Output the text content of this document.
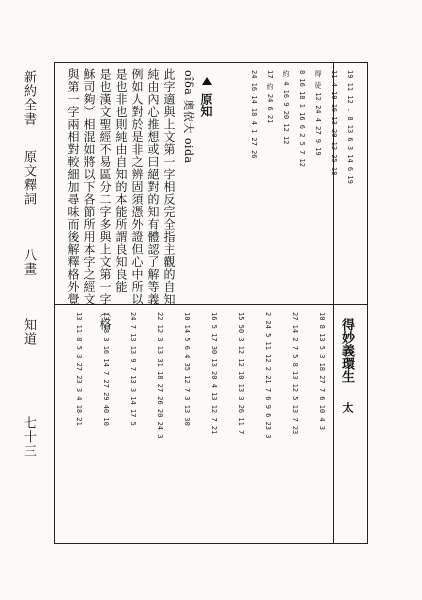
新約全書
原文釋詞
八畫
知道
七十三
原知
oîδa 奧依大 oida
此字適與上文第一字相反完全指主觀的自知
純由內心推想或曰絕對的知有體認了解等義
例如人對於是非之辨固須憑外證但心中所以
是也非也則純由自知的本能所謂良知良能
是也漢文聖經不易區分二字多與上文第一字（格
穌司夠）相混如將以下各節所用本字之經文
與第一字兩相對較細加尋味而後解釋格外覺	19 11 12 . 8 13 6 3 14 6 19
11 4 19 16 13 20 12 25 18
得 徒 12 24 4 27 9 19
8 16 18 1 16 6 2 5 7 12
約 4 16 9 20 12 12
17 約 24 6 21
24 16 14 18 4 1 27 26
得妙義環生
太
10 8 13 5 3 18 27 7 6 10 4 3
27 14 2 7 5 8 13 12 5 13 7 23
2 24 5 11 12 2 21 7 6 9 6 23 3
15 50 3 12 12 10 13 3 26 11 7
16 5 17 30 13 20 4 13 12 7 21
10 14 5 6 4 35 12 7 3 13 30
22 12 3 13 31 18 27 26 20 24 3
24 7 13 13 9 7 13 3 14 17 5
13 18 3 16 14 7 27 29 40 10
13 11 8 5 3 27 23 3 4 18 21
